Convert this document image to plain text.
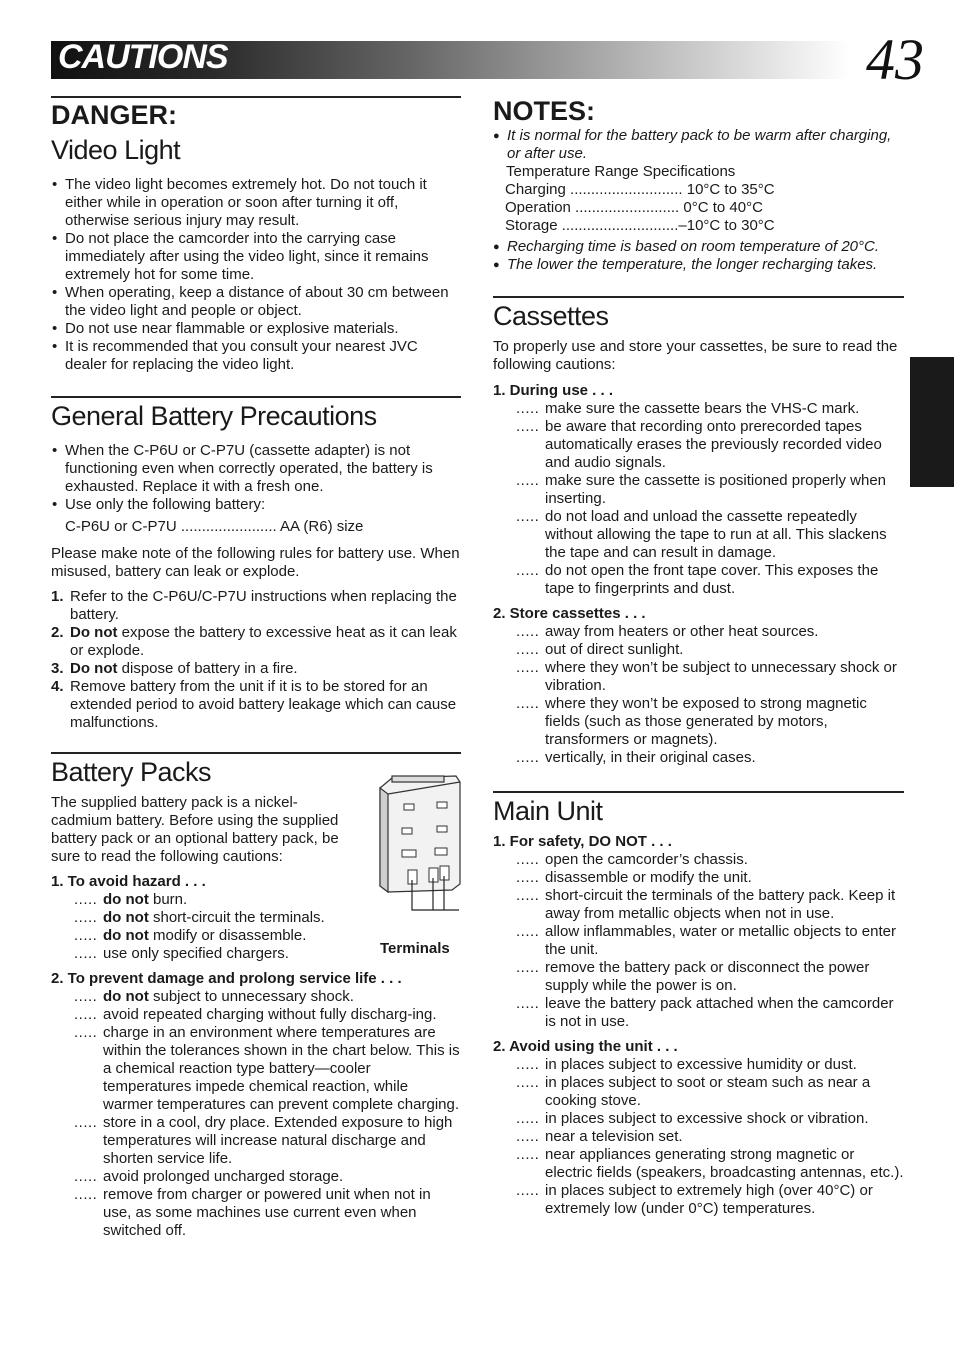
CAUTIONS	43
DANGER:
Video Light
• The video light becomes extremely hot. Do not touch it either while in operation or soon after turning it off, otherwise serious injury may result.
• Do not place the camcorder into the carrying case immediately after using the video light, since it remains extremely hot for some time.
• When operating, keep a distance of about 30 cm between the video light and people or object.
• Do not use near flammable or explosive materials.
• It is recommended that you consult your nearest JVC dealer for replacing the video light.
General Battery Precautions
• When the C-P6U or C-P7U (cassette adapter) is not functioning even when correctly operated, the battery is exhausted. Replace it with a fresh one.
• Use only the following battery:
C-P6U or C-P7U ....................... AA (R6) size
Please make note of the following rules for battery use. When misused, battery can leak or explode.
1. Refer to the C-P6U/C-P7U instructions when replacing the battery.
2. Do not expose the battery to excessive heat as it can leak or explode.
3. Do not dispose of battery in a fire.
4. Remove battery from the unit if it is to be stored for an extended period to avoid battery leakage which can cause malfunctions.
Battery Packs
The supplied battery pack is a nickel-cadmium battery. Before using the supplied battery pack or an optional battery pack, be sure to read the following cautions:
1. To avoid hazard . . .
..... do not burn.
..... do not short-circuit the terminals.
..... do not modify or disassemble.
..... use only specified chargers.
2. To prevent damage and prolong service life . . .
..... do not subject to unnecessary shock.
..... avoid repeated charging without fully discharg-ing.
..... charge in an environment where temperatures are within the tolerances shown in the chart below. This is a chemical reaction type battery—cooler temperatures impede chemical reaction, while warmer temperatures can prevent complete charging.
..... store in a cool, dry place. Extended exposure to high temperatures will increase natural discharge and shorten service life.
..... avoid prolonged uncharged storage.
..... remove from charger or powered unit when not in use, as some machines use current even when switched off.
Terminals
NOTES:
● It is normal for the battery pack to be warm after charging, or after use.
Temperature Range Specifications
Charging ........................... 10°C to 35°C
Operation ......................... 0°C to 40°C
Storage ............................–10°C to 30°C
● Recharging time is based on room temperature of 20°C.
● The lower the temperature, the longer recharging takes.
Cassettes
To properly use and store your cassettes, be sure to read the following cautions:
1. During use . . .
..... make sure the cassette bears the VHS-C mark.
..... be aware that recording onto prerecorded tapes automatically erases the previously recorded video and audio signals.
..... make sure the cassette is positioned properly when inserting.
..... do not load and unload the cassette repeatedly without allowing the tape to run at all. This slackens the tape and can result in damage.
..... do not open the front tape cover. This exposes the tape to fingerprints and dust.
2. Store cassettes . . .
..... away from heaters or other heat sources.
..... out of direct sunlight.
..... where they won’t be subject to unnecessary shock or vibration.
..... where they won’t be exposed to strong magnetic fields (such as those generated by motors, transformers or magnets).
..... vertically, in their original cases.
Main Unit
1. For safety, DO NOT . . .
..... open the camcorder’s chassis.
..... disassemble or modify the unit.
..... short-circuit the terminals of the battery pack. Keep it away from metallic objects when not in use.
..... allow inflammables, water or metallic objects to enter the unit.
..... remove the battery pack or disconnect the power supply while the power is on.
..... leave the battery pack attached when the camcorder is not in use.
2. Avoid using the unit . . .
..... in places subject to excessive humidity or dust.
..... in places subject to soot or steam such as near a cooking stove.
..... in places subject to excessive shock or vibration.
..... near a television set.
..... near appliances generating strong magnetic or electric fields (speakers, broadcasting antennas, etc.).
..... in places subject to extremely high (over 40°C) or extremely low (under 0°C) temperatures.
